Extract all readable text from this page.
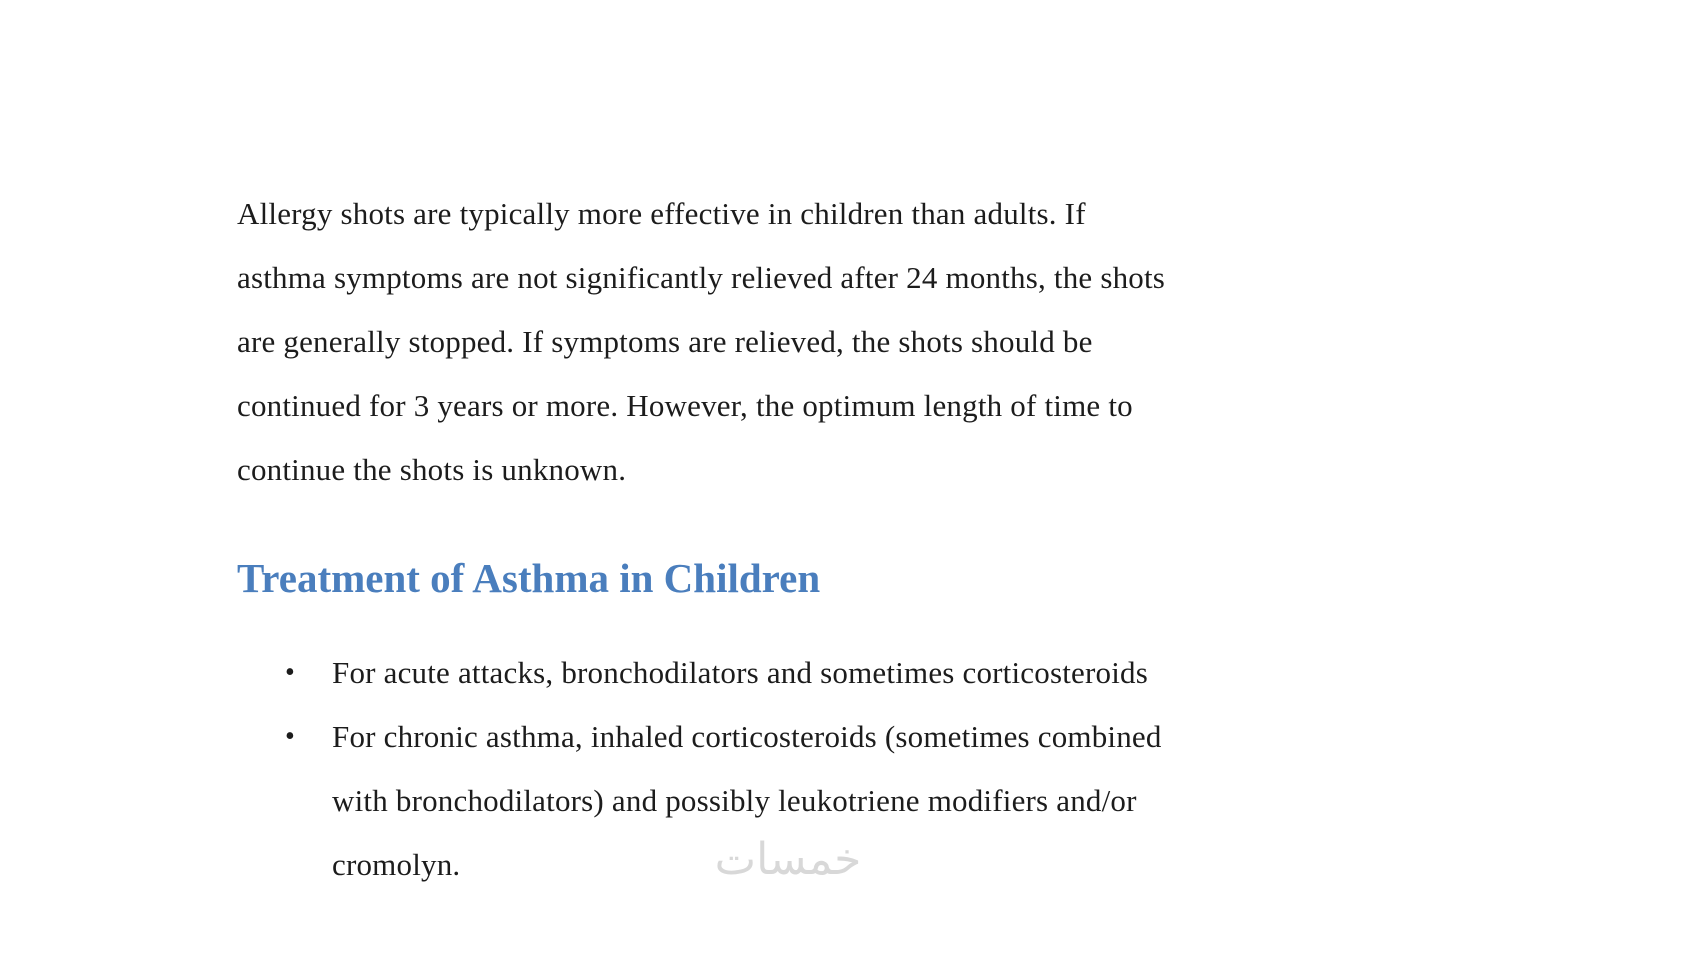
Allergy shots are typically more effective in children than adults. If
asthma symptoms are not significantly relieved after 24 months, the shots
are generally stopped. If symptoms are relieved, the shots should be
continued for 3 years or more. However, the optimum length of time to
continue the shots is unknown.
Treatment of Asthma in Children
• For acute attacks, bronchodilators and sometimes corticosteroids
• For chronic asthma, inhaled corticosteroids (sometimes combined
with bronchodilators) and possibly leukotriene modifiers and/or
cromolyn.	خمسات
